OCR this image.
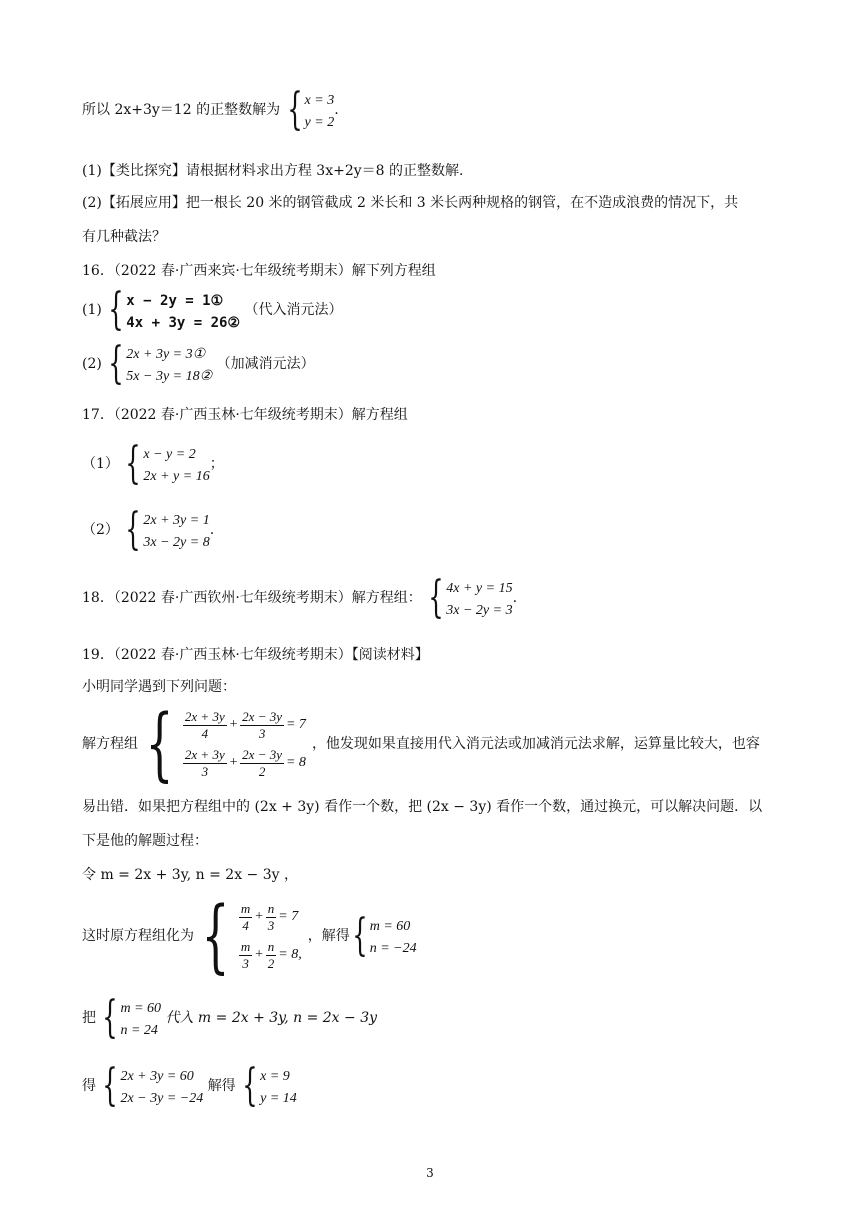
所以 2x+3y＝12 的正整数解为 { x = 3
y = 2
.
(1)【类比探究】请根据材料求出方程 3x+2y＝8 的正整数解.
(2)【拓展应用】把一根长 20 米的钢管截成 2 米长和 3 米长两种规格的钢管，在不造成浪费的情况下，共
有几种截法？
16．（2022 春·广西来宾·七年级统考期末）解下列方程组
(1) { x − 2y = 1①
4x + 3y = 26②
（代入消元法）
(2) { 2x + 3y = 3①
5x − 3y = 18②
（加减消元法）
17．（2022 春·广西玉林·七年级统考期末）解方程组
（1） { x − y = 2
2x + y = 16
；
（2） { 2x + 3y = 1
3x − 2y = 8
.
18．（2022 春·广西钦州·七年级统考期末）解方程组： { 4x + y = 15
3x − 2y = 3
.
19．（2022 春·广西玉林·七年级统考期末）【阅读材料】
小明同学遇到下列问题：
解方程组 { $\frac{2x + 3y}{4} + \frac{2x - 3y}{3} = 7$
$\frac{2x + 3y}{3} + \frac{2x - 3y}{2} = 8$
，他发现如果直接用代入消元法或加减消元法求解，运算量比较大，也容
易出错．如果把方程组中的 (2x + 3y) 看作一个数，把 (2x − 3y) 看作一个数，通过换元，可以解决问题．以
下是他的解题过程：
令 m = 2x + 3y, n = 2x − 3y ，
这时原方程组化为 { $\frac{m}{4} + \frac{n}{3} = 7$
$\frac{m}{3} + \frac{n}{2} = 8$,
，解得 { m = 60
n = −24
把 { m = 60
n = 24
代入 m = 2x + 3y, n = 2x − 3y
得 { 2x + 3y = 60
2x − 3y = −24
解得 { x = 9
y = 14
3
